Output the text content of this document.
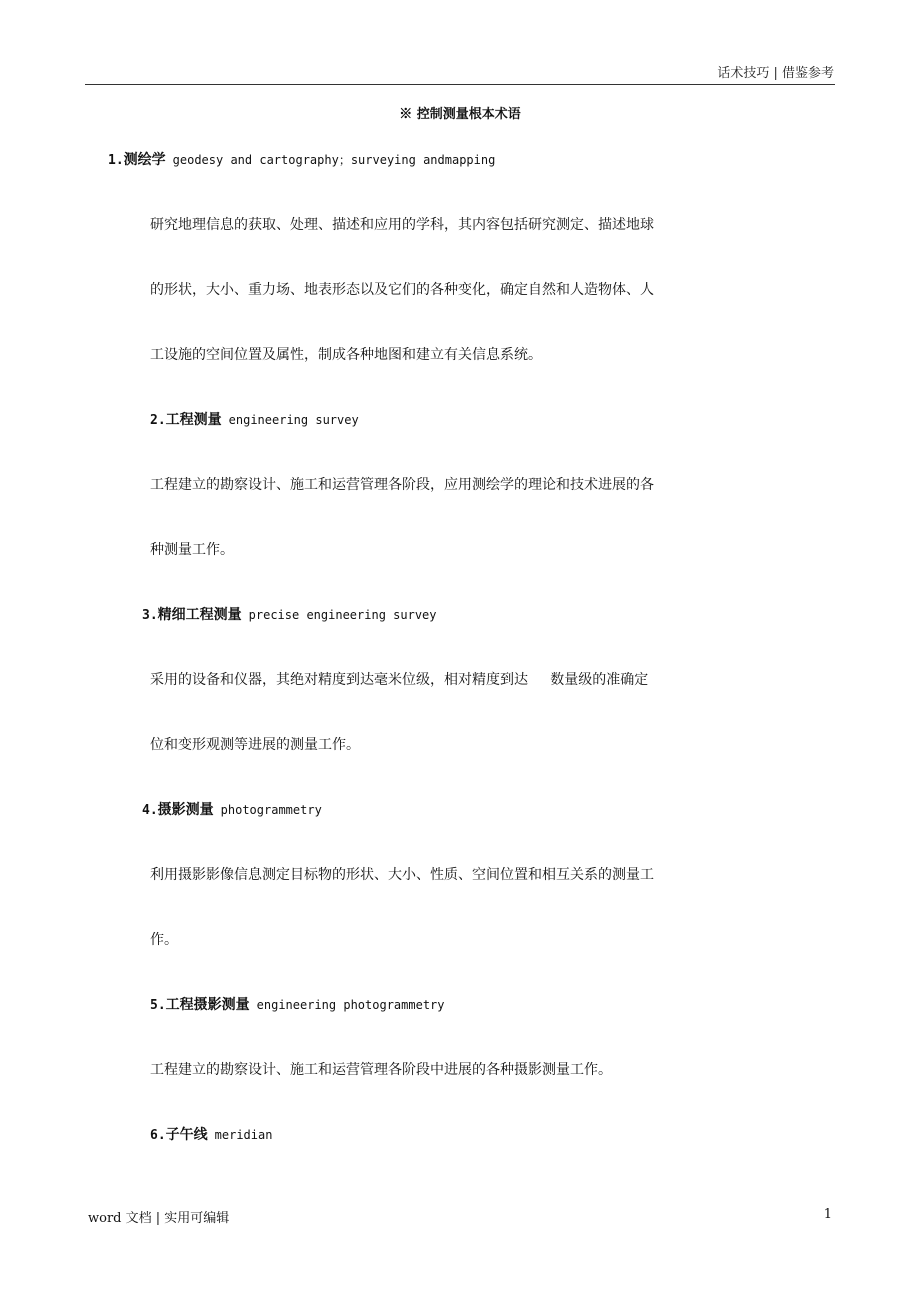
话术技巧 | 借鉴参考
※ 控制测量根本术语
1.测绘学 geodesy and cartography；surveying andmapping
研究地理信息的获取、处理、描述和应用的学科，其内容包括研究测定、描述地球
的形状，大小、重力场、地表形态以及它们的各种变化，确定自然和人造物体、人
工设施的空间位置及属性，制成各种地图和建立有关信息系统。
2.工程测量 engineering survey
工程建立的勘察设计、施工和运营管理各阶段，应用测绘学的理论和技术进展的各
种测量工作。
3.精细工程测量 precise engineering survey
采用的设备和仪器，其绝对精度到达毫米位级，相对精度到达     数量级的准确定
位和变形观测等进展的测量工作。
4.摄影测量 photogrammetry
利用摄影影像信息测定目标物的形状、大小、性质、空间位置和相互关系的测量工
作。
5.工程摄影测量 engineering photogrammetry
工程建立的勘察设计、施工和运营管理各阶段中进展的各种摄影测量工作。
6.子午线 meridian
word 文档 | 实用可编辑	1
